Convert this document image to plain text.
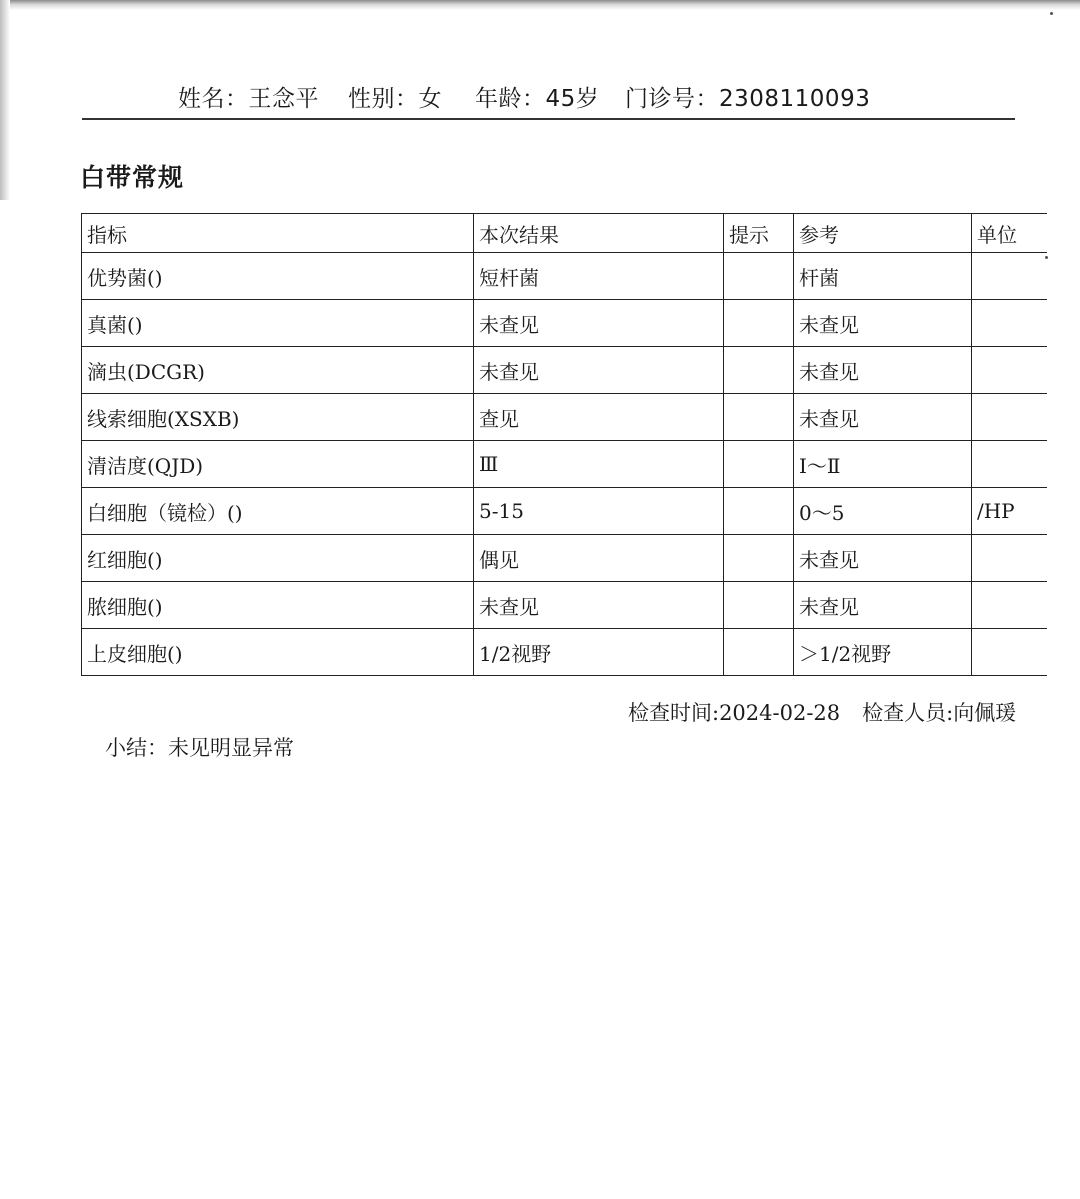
姓名：王念平 性别：女 年龄：45岁 门诊号：2308110093
白带常规
指标	本次结果	提示	参考	单位
优势菌()	短杆菌		杆菌	
真菌()	未查见		未查见	
滴虫(DCGR)	未查见		未查见	
线索细胞(XSXB)	查见		未查见	
清洁度(QJD)	Ⅲ		Ⅰ～Ⅱ	
白细胞（镜检）()	5-15		0～5	/HP
红细胞()	偶见		未查见	
脓细胞()	未查见		未查见	
上皮细胞()	1/2视野		＞1/2视野	
检查时间:2024-02-28 检查人员:向佩瑗
小结：未见明显异常
